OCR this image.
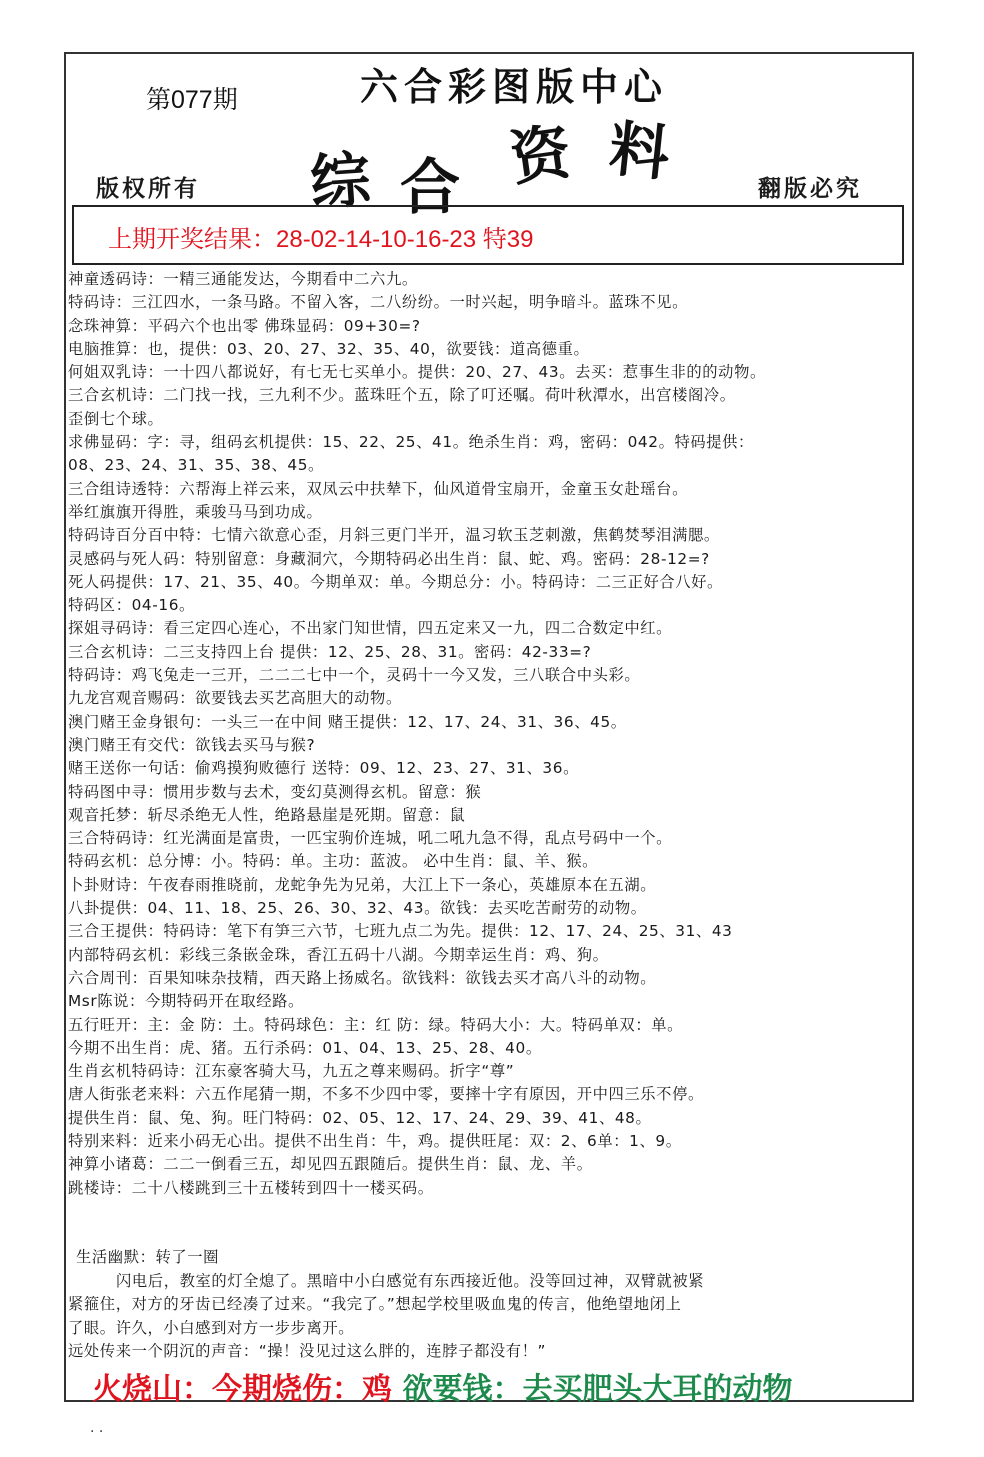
第077期	六合彩图版中心
综 合 资 料
版权所有	翻版必究
上期开奖结果：28-02-14-10-16-23 特39
神童透码诗：一精三通能发达，今期看中二六九。
特码诗：三江四水，一条马路。不留入客，二八纷纷。一时兴起，明争暗斗。蓝珠不见。
念珠神算：平码六个也出零 佛珠显码：09+30=?
电脑推算：也，提供：03、20、27、32、35、40，欲要钱：道高德重。
何姐双乳诗：一十四八都说好，有七无七买单小。提供：20、27、43。去买：惹事生非的的动物。
三合玄机诗：二门找一找，三九利不少。蓝珠旺个五，除了叮还嘱。荷叶秋潭水，出宫楼阁冷。
歪倒七个球。
求佛显码：字：寻，组码玄机提供：15、22、25、41。绝杀生肖：鸡，密码：042。特码提供：
08、23、24、31、35、38、45。
三合组诗透特：六帮海上祥云来，双凤云中扶辇下，仙风道骨宝扇开，金童玉女赴瑶台。
举红旗旗开得胜，乘骏马马到功成。
特码诗百分百中特：七情六欲意心歪，月斜三更门半开，温习软玉芝刺激，焦鹤焚琴泪满腮。
灵感码与死人码：特别留意：身藏洞穴，今期特码必出生肖：鼠、蛇、鸡。密码：28-12=?
死人码提供：17、21、35、40。今期单双：单。今期总分：小。特码诗：二三正好合八好。
特码区：04-16。
探姐寻码诗：看三定四心连心，不出家门知世情，四五定来又一九，四二合数定中红。
三合玄机诗：二三支持四上台 提供：12、25、28、31。密码：42-33=?
特码诗：鸡飞兔走一三开，二二二七中一个，灵码十一今又发，三八联合中头彩。
九龙宫观音赐码：欲要钱去买艺高胆大的动物。
澳门赌王金身银句：一头三一在中间 赌王提供：12、17、24、31、36、45。
澳门赌王有交代：欲钱去买马与猴?
赌王送你一句话：偷鸡摸狗败德行 送特：09、12、23、27、31、36。
特码图中寻：惯用步数与去术，变幻莫测得玄机。留意：猴
观音托梦：斩尽杀绝无人性，绝路悬崖是死期。留意：鼠
三合特码诗：红光满面是富贵，一匹宝驹价连城，吼二吼九急不得，乱点号码中一个。
特码玄机：总分博：小。特码：单。主功：蓝波。 必中生肖：鼠、羊、猴。
卜卦财诗：午夜春雨推晓前，龙蛇争先为兄弟，大江上下一条心，英雄原本在五湖。
八卦提供：04、11、18、25、26、30、32、43。欲钱：去买吃苦耐劳的动物。
三合王提供：特码诗：笔下有笋三六节，七班九点二为先。提供：12、17、24、25、31、43
内部特码玄机：彩线三条嵌金珠，香江五码十八湖。今期幸运生肖：鸡、狗。
六合周刊：百果知味杂技精，西天路上扬威名。欲钱料：欲钱去买才高八斗的动物。
Msr陈说：今期特码开在取经路。
五行旺开：主：金 防：土。特码球色：主：红 防：绿。特码大小：大。特码单双：单。
今期不出生肖：虎、猪。五行杀码：01、04、13、25、28、40。
生肖玄机特码诗：江东豪客骑大马，九五之尊来赐码。折字“尊”
唐人街张老来料：六五作尾猜一期，不多不少四中零，要摔十字有原因，开中四三乐不停。
提供生肖：鼠、兔、狗。旺门特码：02、05、12、17、24、29、39、41、48。
特别来料：近来小码无心出。提供不出生肖：牛，鸡。提供旺尾：双：2、6单：1、9。
神算小诸葛：二二一倒看三五，却见四五跟随后。提供生肖：鼠、龙、羊。
跳楼诗：二十八楼跳到三十五楼转到四十一楼买码。
生活幽默：转了一圈
闪电后，教室的灯全熄了。黑暗中小白感觉有东西接近他。没等回过神，双臂就被紧
紧箍住，对方的牙齿已经凑了过来。“我完了。”想起学校里吸血鬼的传言，他绝望地闭上
了眼。许久，小白感到对方一步步离开。
远处传来一个阴沉的声音：“操！没见过这么胖的，连脖子都没有！”
火烧山：今期烧伤：鸡 欲要钱：去买肥头大耳的动物
· ·
